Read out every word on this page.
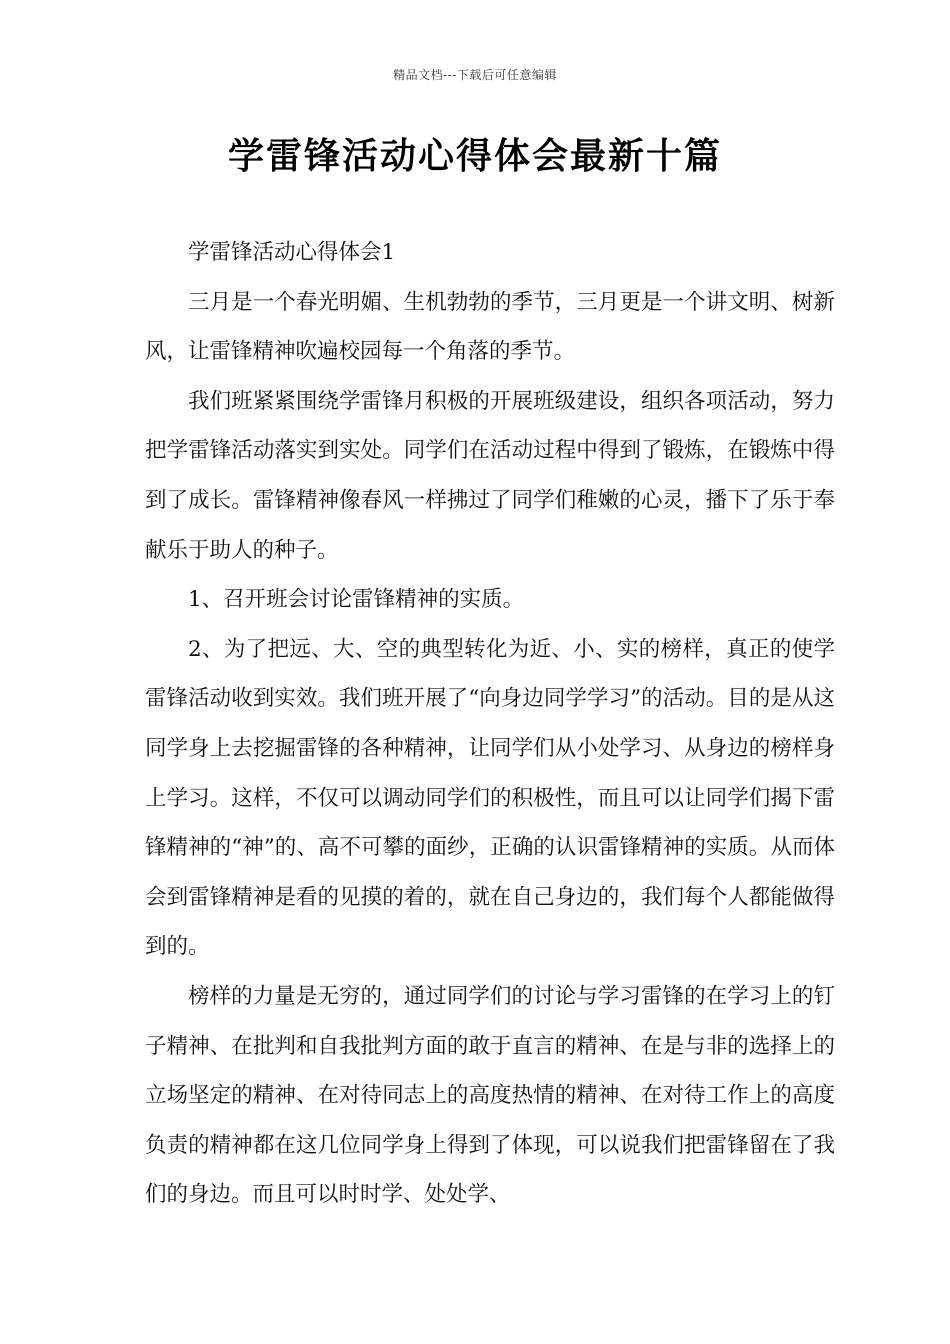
精品文档---下载后可任意编辑
学雷锋活动心得体会最新十篇

学雷锋活动心得体会1

三月是一个春光明媚、生机勃勃的季节，三月更是一个讲文明、树新风，让雷锋精神吹遍校园每一个角落的季节。

我们班紧紧围绕学雷锋月积极的开展班级建设，组织各项活动，努力把学雷锋活动落实到实处。同学们在活动过程中得到了锻炼，在锻炼中得到了成长。雷锋精神像春风一样拂过了同学们稚嫩的心灵，播下了乐于奉献乐于助人的种子。

1、召开班会讨论雷锋精神的实质。

2、为了把远、大、空的典型转化为近、小、实的榜样，真正的使学雷锋活动收到实效。我们班开展了“向身边同学学习”的活动。目的是从这同学身上去挖掘雷锋的各种精神，让同学们从小处学习、从身边的榜样身上学习。这样，不仅可以调动同学们的积极性，而且可以让同学们揭下雷锋精神的“神”的、高不可攀的面纱，正确的认识雷锋精神的实质。从而体会到雷锋精神是看的见摸的着的，就在自己身边的，我们每个人都能做得到的。

榜样的力量是无穷的，通过同学们的讨论与学习雷锋的在学习上的钉子精神、在批判和自我批判方面的敢于直言的精神、在是与非的选择上的立场坚定的精神、在对待同志上的高度热情的精神、在对待工作上的高度负责的精神都在这几位同学身上得到了体现，可以说我们把雷锋留在了我们的身边。而且可以时时学、处处学、
